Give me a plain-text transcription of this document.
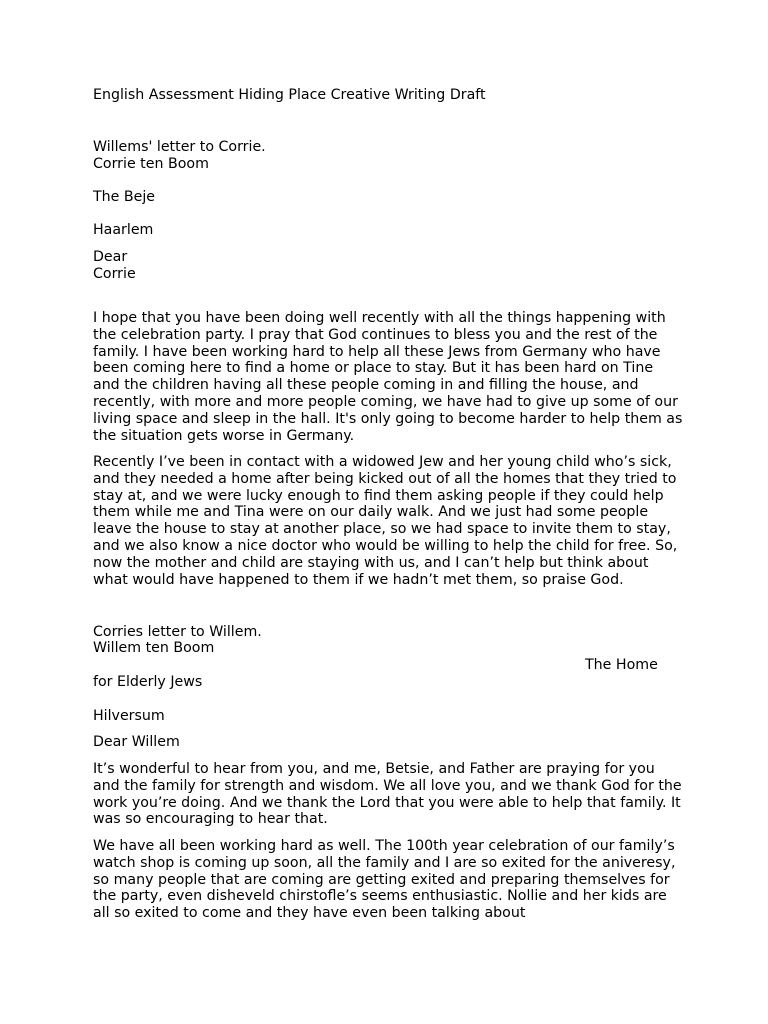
English Assessment Hiding Place Creative Writing Draft
Willems' letter to Corrie.
Corrie ten Boom
The Beje
Haarlem
Dear
Corrie

I hope that you have been doing well recently with all the things happening with the celebration party. I pray that God continues to bless you and the rest of the family. I have been working hard to help all these Jews from Germany who have been coming here to find a home or place to stay. But it has been hard on Tine and the children having all these people coming in and filling the house, and recently, with more and more people coming, we have had to give up some of our living space and sleep in the hall. It's only going to become harder to help them as the situation gets worse in Germany.

Recently I’ve been in contact with a widowed Jew and her young child who’s sick, and they needed a home after being kicked out of all the homes that they tried to stay at, and we were lucky enough to find them asking people if they could help them while me and Tina were on our daily walk. And we just had some people leave the house to stay at another place, so we had space to invite them to stay, and we also know a nice doctor who would be willing to help the child for free. So, now the mother and child are staying with us, and I can’t help but think about what would have happened to them if we hadn’t met them, so praise God.

Corries letter to Willem.
Willem ten Boom
The Home
for Elderly Jews
Hilversum
Dear Willem

It’s wonderful to hear from you, and me, Betsie, and Father are praying for you and the family for strength and wisdom. We all love you, and we thank God for the work you’re doing. And we thank the Lord that you were able to help that family. It was so encouraging to hear that.

We have all been working hard as well. The 100th year celebration of our family’s watch shop is coming up soon, all the family and I are so exited for the aniveresy, so many people that are coming are getting exited and preparing themselves for the party, even disheveld chirstofle’s seems enthusiastic. Nollie and her kids are all so exited to come and they have even been talking about
